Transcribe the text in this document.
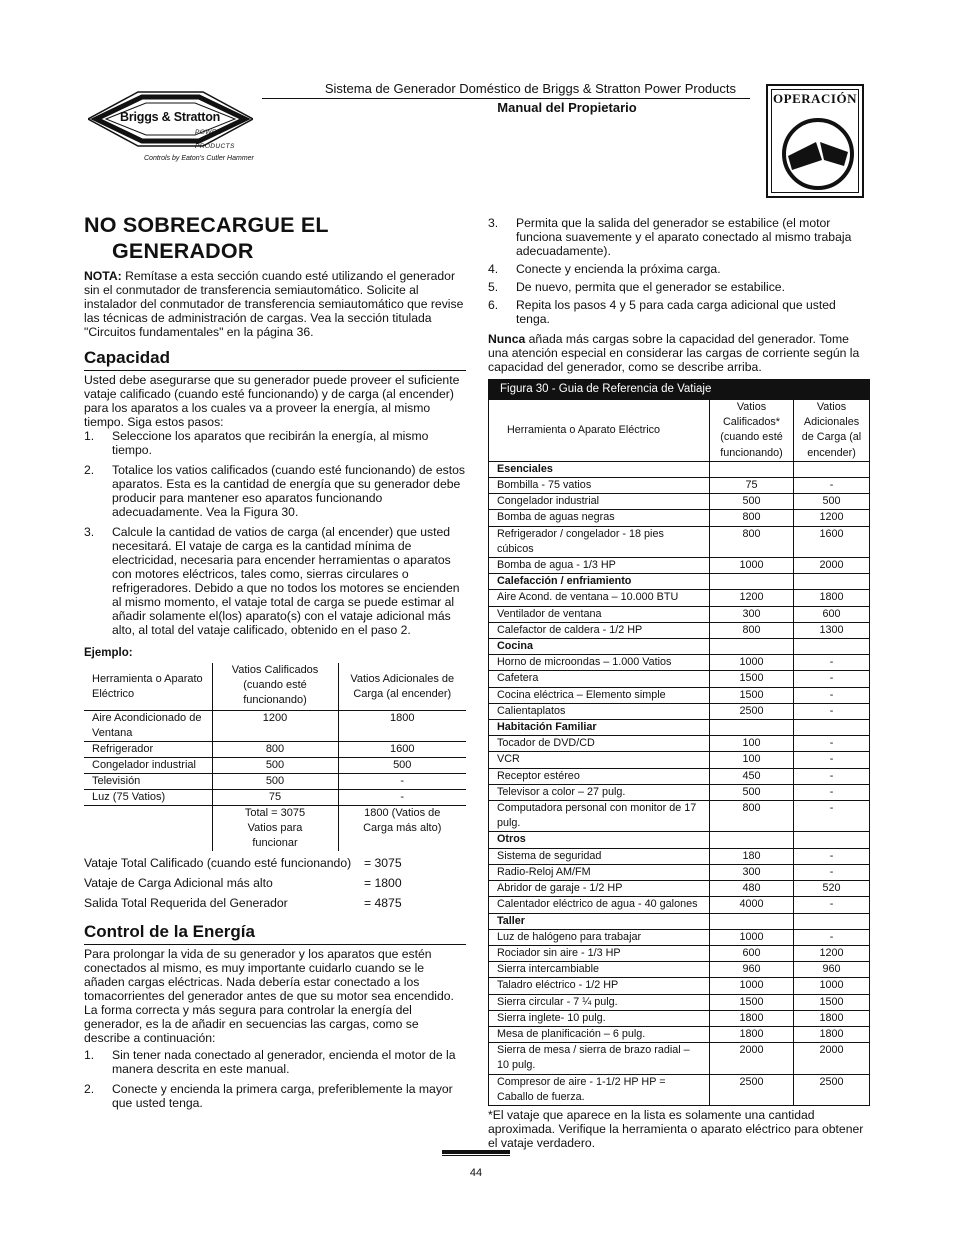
Briggs & Stratton
POWER PRODUCTS
Controls by Eaton's Cutler Hammer
Sistema de Generador Doméstico de Briggs & Stratton Power Products
Manual del Propietario
OPERACIÓN
NO SOBRECARGUE EL
GENERADOR

NOTA: Remítase a esta sección cuando esté utilizando el generador sin el conmutador de transferencia semiautomático. Solicite al instalador del conmutador de transferencia semiautomático que revise las técnicas de administración de cargas. Vea la sección titulada "Circuitos fundamentales" en la página 36.

Capacidad

Usted debe asegurarse que su generador puede proveer el suficiente vataje calificado (cuando esté funcionando) y de carga (al encender) para los aparatos a los cuales va a proveer la energía, al mismo tiempo. Siga estos pasos:

1. Seleccione los aparatos que recibirán la energía, al mismo tiempo.
2. Totalice los vatios calificados (cuando esté funcionando) de estos aparatos. Esta es la cantidad de energía que su generador debe producir para mantener eso aparatos funcionando adecuadamente. Vea la Figura 30.
3. Calcule la cantidad de vatios de carga (al encender) que usted necesitará. El vataje de carga es la cantidad mínima de electricidad, necesaria para encender herramientas o aparatos con motores eléctricos, tales como, sierras circulares o refrigeradores. Debido a que no todos los motores se encienden al mismo momento, el vataje total de carga se puede estimar al añadir solamente el(los) aparato(s) con el vataje adicional más alto, al total del vataje calificado, obtenido en el paso 2.

Ejemplo:

Herramienta o Aparato Eléctrico	Vatios Calificados (cuando esté funcionando)	Vatios Adicionales de Carga (al encender)
Aire Acondicionado de Ventana	1200	1800
Refrigerador	800	1600
Congelador industrial	500	500
Televisión	500	-
Luz (75 Vatios)	75	-
	Total = 3075 Vatios para funcionar	1800 (Vatios de Carga más alto)
Vataje Total Calificado (cuando esté funcionando)	= 3075
Vataje de Carga Adicional más alto	= 1800
Salida Total Requerida del Generador	= 4875
Control de la Energía

Para prolongar la vida de su generador y los aparatos que estén conectados al mismo, es muy importante cuidarlo cuando se le añaden cargas eléctricas. Nada debería estar conectado a los tomacorrientes del generador antes de que su motor sea encendido. La forma correcta y más segura para controlar la energía del generador, es la de añadir en secuencias las cargas, como se describe a continuación:

1. Sin tener nada conectado al generador, encienda el motor de la manera descrita en este manual.
2. Conecte y encienda la primera carga, preferiblemente la mayor que usted tenga.
3. Permita que la salida del generador se estabilice (el motor funciona suavemente y el aparato conectado al mismo trabaja adecuadamente).
4. Conecte y encienda la próxima carga.
5. De nuevo, permita que el generador se estabilice.
6. Repita los pasos 4 y 5 para cada carga adicional que usted tenga.

Nunca añada más cargas sobre la capacidad del generador. Tome una atención especial en considerar las cargas de corriente según la capacidad del generador, como se describe arriba.

Figura 30 - Guia de Referencia de Vatiaje
Herramienta o Aparato Eléctrico	Vatios Calificados* (cuando esté funcionando)	Vatios Adicionales de Carga (al encender)
Esenciales		
Bombilla - 75 vatios	75	-
Congelador industrial	500	500
Bomba de aguas negras	800	1200
Refrigerador / congelador - 18 pies cúbicos	800	1600
Bomba de agua - 1/3 HP	1000	2000
Calefacción / enfriamiento		
Aire Acond. de ventana – 10.000 BTU	1200	1800
Ventilador de ventana	300	600
Calefactor de caldera - 1/2 HP	800	1300
Cocina		
Horno de microondas – 1.000 Vatios	1000	-
Cafetera	1500	-
Cocina eléctrica – Elemento simple	1500	-
Calientaplatos	2500	-
Habitación Familiar		
Tocador de DVD/CD	100	-
VCR	100	-
Receptor estéreo	450	-
Televisor a color – 27 pulg.	500	-
Computadora personal con monitor de 17 pulg.	800	-
Otros		
Sistema de seguridad	180	-
Radio-Reloj AM/FM	300	-
Abridor de garaje - 1/2 HP	480	520
Calentador eléctrico de agua - 40 galones	4000	-
Taller		
Luz de halógeno para trabajar	1000	-
Rociador sin aire - 1/3 HP	600	1200
Sierra intercambiable	960	960
Taladro eléctrico - 1/2 HP	1000	1000
Sierra circular - 7 ¼ pulg.	1500	1500
Sierra inglete- 10 pulg.	1800	1800
Mesa de planificación – 6 pulg.	1800	1800
Sierra de mesa / sierra de brazo radial – 10 pulg.	2000	2000
Compresor de aire - 1-1/2 HP HP = Caballo de fuerza.	2500	2500

*El vataje que aparece en la lista es solamente una cantidad aproximada. Verifique la herramienta o aparato eléctrico para obtener el vataje verdadero.

44
